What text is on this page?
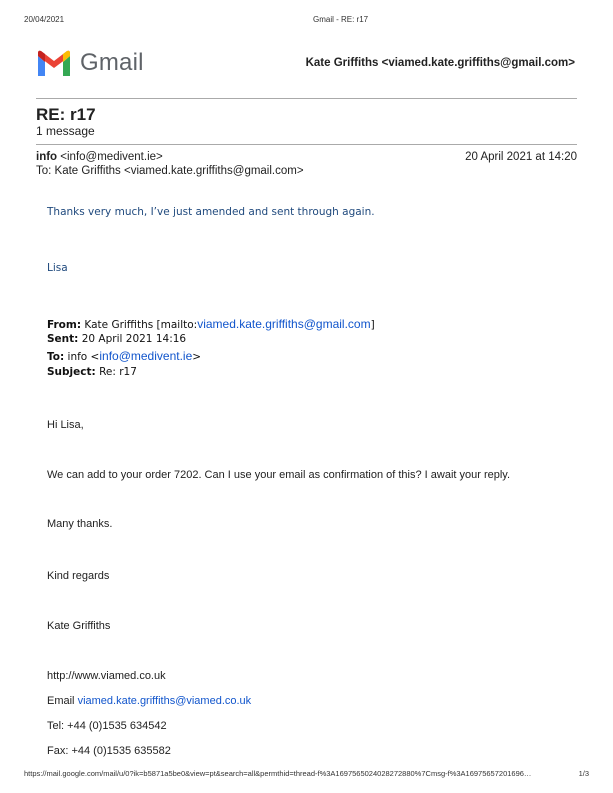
20/04/2021	Gmail - RE: r17
Gmail	Kate Griffiths <viamed.kate.griffiths@gmail.com>
RE: r17
1 message
info <info@medivent.ie>	20 April 2021 at 14:20
To: Kate Griffiths <viamed.kate.griffiths@gmail.com>
Thanks very much, I’ve just amended and sent through again.
Lisa
From: Kate Griffiths [mailto:viamed.kate.griffiths@gmail.com]
Sent: 20 April 2021 14:16
To: info <info@medivent.ie>
Subject: Re: r17
Hi Lisa,
We can add to your order 7202. Can I use your email as confirmation of this? I await your reply.
Many thanks.
Kind regards
Kate Griffiths
http://www.viamed.co.uk
Email viamed.kate.griffiths@viamed.co.uk
Tel: +44 (0)1535 634542
Fax: +44 (0)1535 635582
https://mail.google.com/mail/u/0?ik=b5871a5be0&view=pt&search=all&permthid=thread-f%3A1697565024028272880%7Cmsg-f%3A16975657201696…	1/3
